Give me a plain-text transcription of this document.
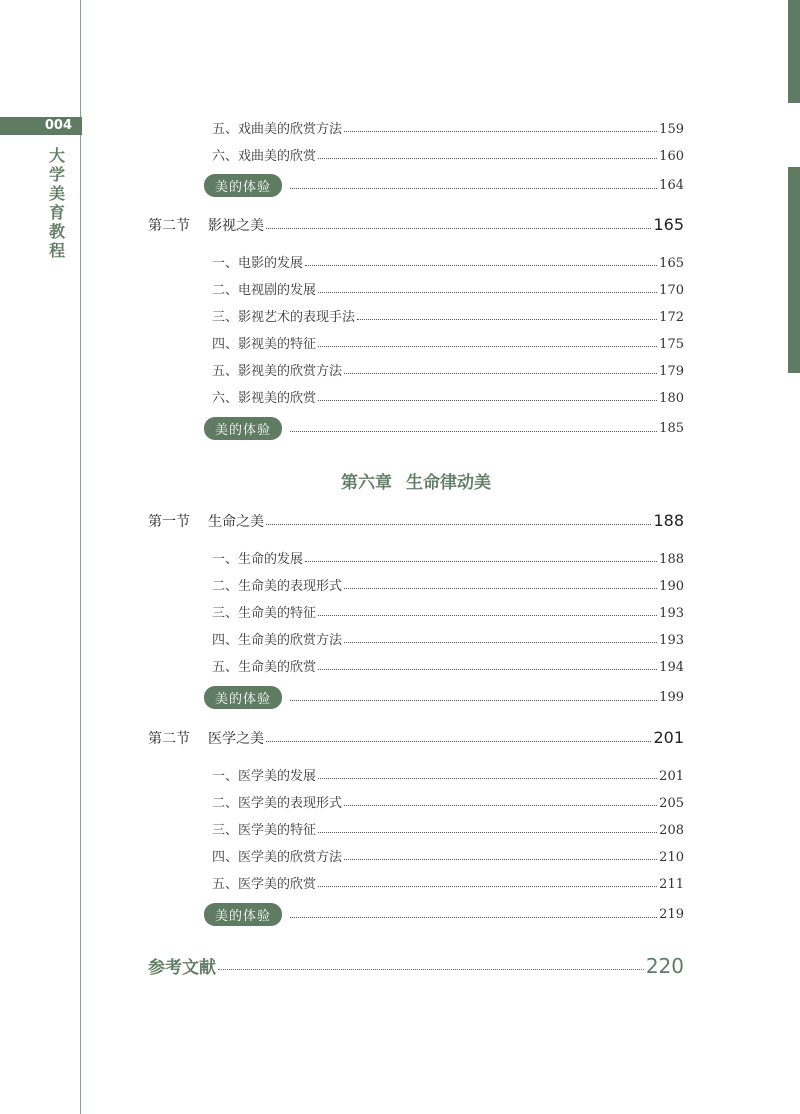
004
大学美育教程
五、戏曲美的欣赏方法	159
六、戏曲美的欣赏	160
美的体验	164
第二节	影视之美	165
一、电影的发展	165
二、电视剧的发展	170
三、影视艺术的表现手法	172
四、影视美的特征	175
五、影视美的欣赏方法	179
六、影视美的欣赏	180
美的体验	185
第六章 生命律动美
第一节	生命之美	188
一、生命的发展	188
二、生命美的表现形式	190
三、生命美的特征	193
四、生命美的欣赏方法	193
五、生命美的欣赏	194
美的体验	199
第二节	医学之美	201
一、医学美的发展	201
二、医学美的表现形式	205
三、医学美的特征	208
四、医学美的欣赏方法	210
五、医学美的欣赏	211
美的体验	219
参考文献	220
